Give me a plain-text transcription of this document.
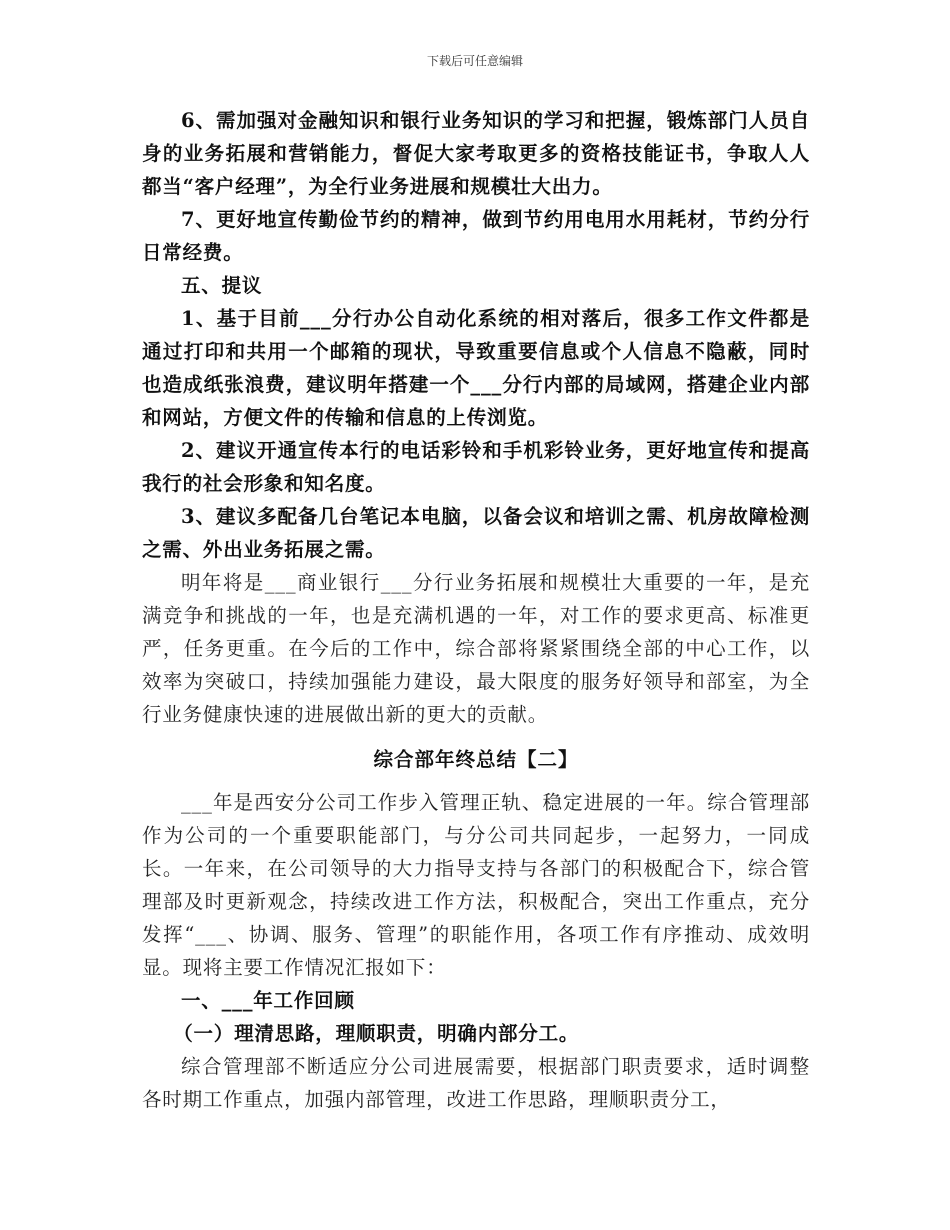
下载后可任意编辑

6、需加强对金融知识和银行业务知识的学习和把握，锻炼部门人员自身的业务拓展和营销能力，督促大家考取更多的资格技能证书，争取人人都当“客户经理”，为全行业务进展和规模壮大出力。

7、更好地宣传勤俭节约的精神，做到节约用电用水用耗材，节约分行日常经费。

五、提议

1、基于目前___分行办公自动化系统的相对落后，很多工作文件都是通过打印和共用一个邮箱的现状，导致重要信息或个人信息不隐蔽，同时也造成纸张浪费，建议明年搭建一个___分行内部的局域网，搭建企业内部和网站，方便文件的传输和信息的上传浏览。

2、建议开通宣传本行的电话彩铃和手机彩铃业务，更好地宣传和提高我行的社会形象和知名度。

3、建议多配备几台笔记本电脑，以备会议和培训之需、机房故障检测之需、外出业务拓展之需。

明年将是___商业银行___分行业务拓展和规模壮大重要的一年，是充满竞争和挑战的一年，也是充满机遇的一年，对工作的要求更高、标准更严，任务更重。在今后的工作中，综合部将紧紧围绕全部的中心工作，以效率为突破口，持续加强能力建设，最大限度的服务好领导和部室，为全行业务健康快速的进展做出新的更大的贡献。

综合部年终总结【二】

___年是西安分公司工作步入管理正轨、稳定进展的一年。综合管理部作为公司的一个重要职能部门，与分公司共同起步，一起努力，一同成长。一年来，在公司领导的大力指导支持与各部门的积极配合下，综合管理部及时更新观念，持续改进工作方法，积极配合，突出工作重点，充分发挥“___、协调、服务、管理”的职能作用，各项工作有序推动、成效明显。现将主要工作情况汇报如下：

一、___年工作回顾

（一）理清思路，理顺职责，明确内部分工。

综合管理部不断适应分公司进展需要，根据部门职责要求，适时调整各时期工作重点，加强内部管理，改进工作思路，理顺职责分工，
